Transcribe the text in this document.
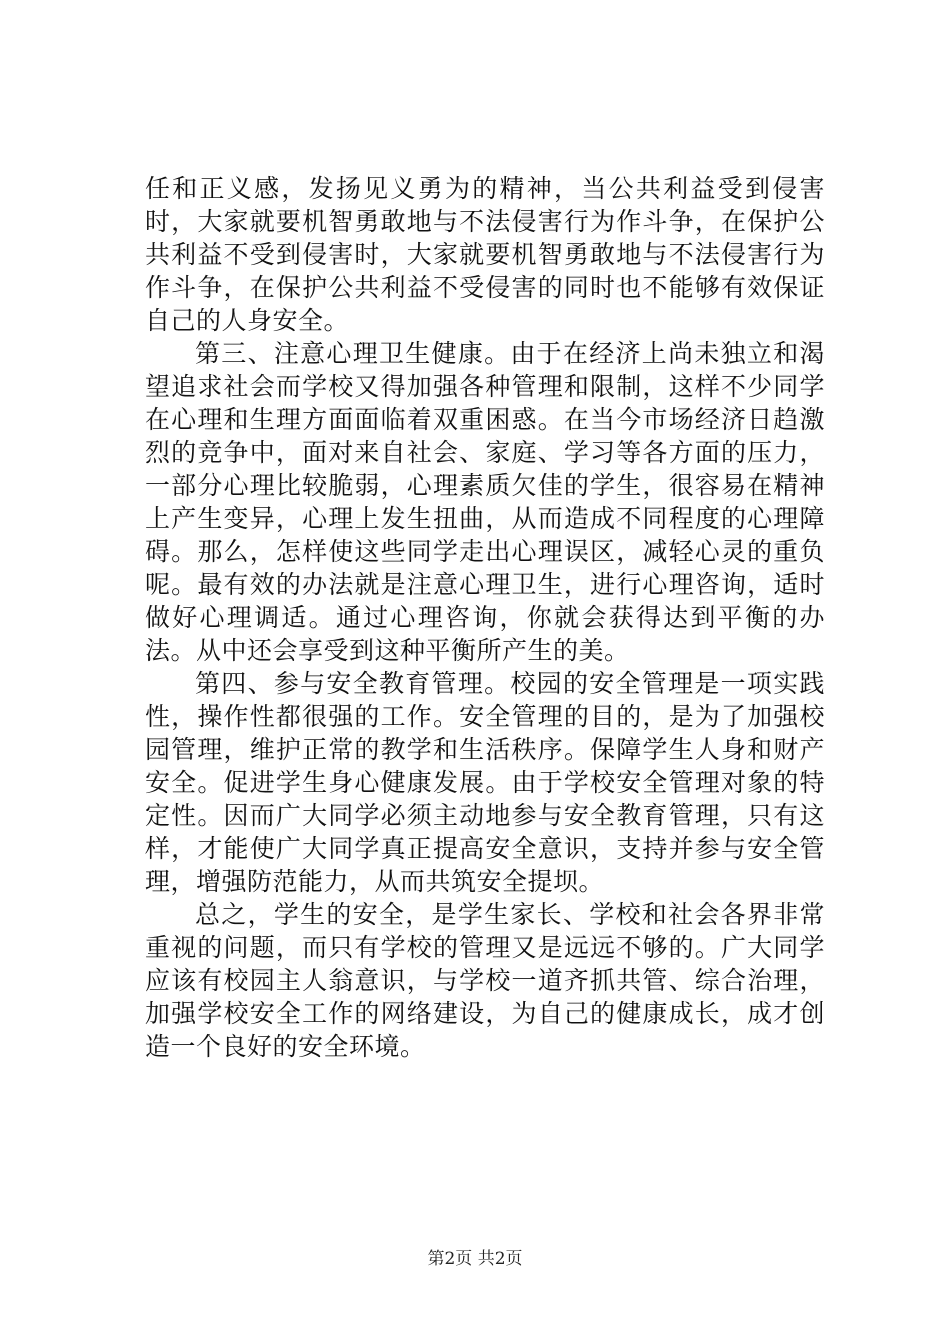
任和正义感，发扬见义勇为的精神，当公共利益受到侵害时，大家就要机智勇敢地与不法侵害行为作斗争，在保护公共利益不受到侵害时，大家就要机智勇敢地与不法侵害行为作斗争，在保护公共利益不受侵害的同时也不能够有效保证自己的人身安全。

第三、注意心理卫生健康。由于在经济上尚未独立和渴望追求社会而学校又得加强各种管理和限制，这样不少同学在心理和生理方面面临着双重困惑。在当今市场经济日趋激烈的竞争中，面对来自社会、家庭、学习等各方面的压力，一部分心理比较脆弱，心理素质欠佳的学生，很容易在精神上产生变异，心理上发生扭曲，从而造成不同程度的心理障碍。那么，怎样使这些同学走出心理误区，减轻心灵的重负呢。最有效的办法就是注意心理卫生，进行心理咨询，适时做好心理调适。通过心理咨询，你就会获得达到平衡的办法。从中还会享受到这种平衡所产生的美。

第四、参与安全教育管理。校园的安全管理是一项实践性，操作性都很强的工作。安全管理的目的，是为了加强校园管理，维护正常的教学和生活秩序。保障学生人身和财产安全。促进学生身心健康发展。由于学校安全管理对象的特定性。因而广大同学必须主动地参与安全教育管理，只有这样，才能使广大同学真正提高安全意识，支持并参与安全管理，增强防范能力，从而共筑安全提坝。

总之，学生的安全，是学生家长、学校和社会各界非常重视的问题，而只有学校的管理又是远远不够的。广大同学应该有校园主人翁意识，与学校一道齐抓共管、综合治理，加强学校安全工作的网络建设，为自己的健康成长，成才创造一个良好的安全环境。

第2页 共2页
